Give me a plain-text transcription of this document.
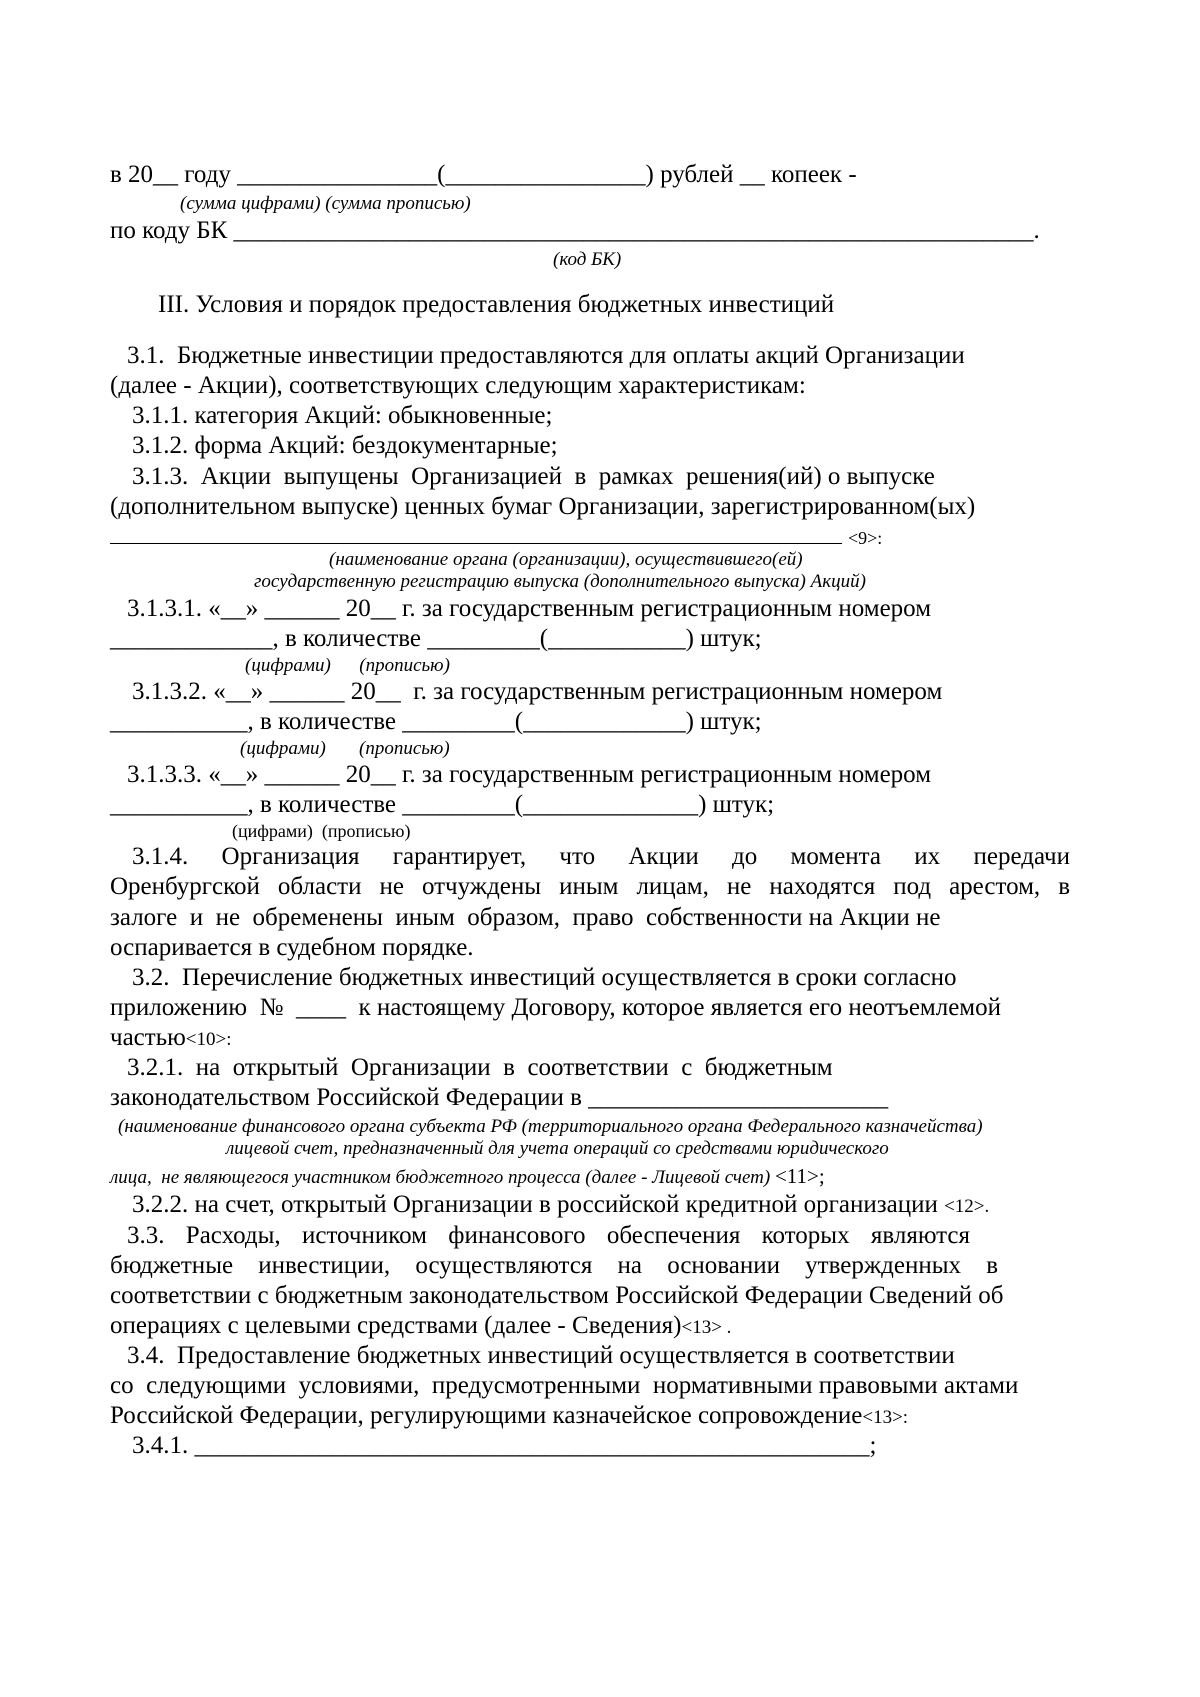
в 20__ году ________________(________________) рублей __ копеек -
(сумма цифрами) (сумма прописью)
по коду БК ________________________________________________________________.
(код БК)
III. Условия и порядок предоставления бюджетных инвестиций
3.1.  Бюджетные инвестиции предоставляются для оплаты акций Организации
(далее - Акции), соответствующих следующим характеристикам:
3.1.1. категория Акций: обыкновенные;
3.1.2. форма Акций: бездокументарные;
3.1.3.  Акции  выпущены  Организацией  в  рамках  решения(ий) о выпуске
(дополнительном выпуске) ценных бумаг Организации, зарегистрированном(ых)
<9>:
(наименование органа (организации), осуществившего(ей)
государственную регистрацию выпуска (дополнительного выпуска) Акций)
3.1.3.1. «__» ______ 20__ г. за государственным регистрационным номером
_____________, в количестве _________(___________) штук;
(цифрами)      (прописью)
3.1.3.2. «__» ______ 20__  г. за государственным регистрационным номером
___________, в количестве _________(_____________) штук;
(цифрами)       (прописью)
3.1.3.3. «__» ______ 20__ г. за государственным регистрационным номером
___________, в количестве _________(______________) штук;
(цифрами)  (прописью)
3.1.4. Организация гарантирует, что Акции до момента их передачи
Оренбургской области не отчуждены иным лицам, не находятся под арестом, в
залоге  и  не  обременены  иным  образом,  право  собственности на Акции не
оспаривается в судебном порядке.
3.2.  Перечисление бюджетных инвестиций осуществляется в сроки согласно
приложению  №  ____  к настоящему Договору, которое является его неотъемлемой
частью<10>:
3.2.1.  на  открытый  Организации  в  соответствии  с  бюджетным
законодательством Российской Федерации в ________________________
(наименование финансового органа субъекта РФ (территориального органа Федерального казначейства)
лицевой счет, предназначенный для учета операций со средствами юридического
лица,  не являющегося участником бюджетного процесса (далее - Лицевой счет) <11>;
3.2.2. на счет, открытый Организации в российской кредитной организации <12>.
3.3. Расходы, источником финансового обеспечения которых являются
бюджетные инвестиции, осуществляются на основании утвержденных в
соответствии с бюджетным законодательством Российской Федерации Сведений об
операциях с целевыми средствами (далее - Сведения)<13> .
3.4.  Предоставление бюджетных инвестиций осуществляется в соответствии
со  следующими  условиями,  предусмотренными  нормативными правовыми актами
Российской Федерации, регулирующими казначейское сопровождение<13>:
3.4.1. ______________________________________________________;
